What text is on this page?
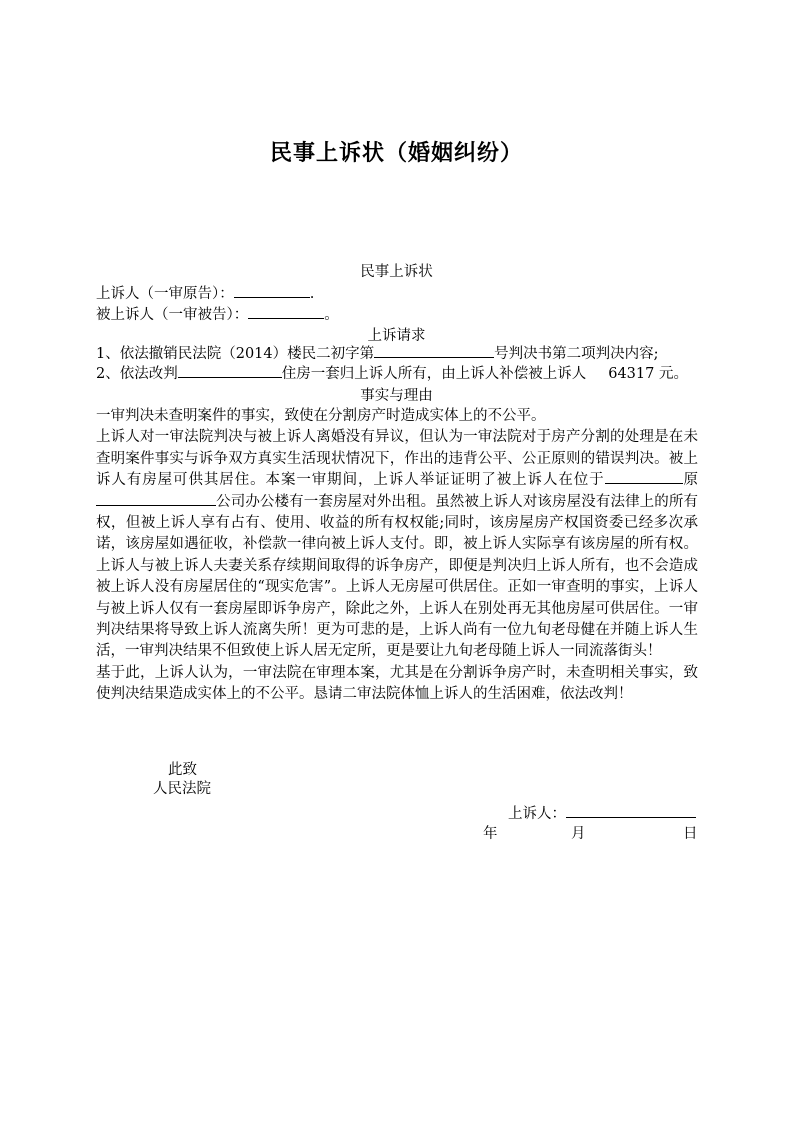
民事上诉状（婚姻纠纷）
民事上诉状
上诉人（一审原告）：	.
被上诉人（一审被告）：	。
上诉请求
1、依法撤销民法院（2014）楼民二初字第	号判决书第二项判决内容;
2、依法改判	住房一套归上诉人所有，由上诉人补偿被上诉人 64317 元。
事实与理由

一审判决未查明案件的事实，致使在分割房产时造成实体上的不公平。

上诉人对一审法院判决与被上诉人离婚没有异议，但认为一审法院对于房产分割的处理是在未查明案件事实与诉争双方真实生活现状情况下，作出的违背公平、公正原则的错误判决。被上诉人有房屋可供其居住。本案一审期间，上诉人举证证明了被上诉人在位于	原公司办公楼有一套房屋对外出租。虽然被上诉人对该房屋没有法律上的所有权，但被上诉人享有占有、使用、收益的所有权权能;同时，该房屋房产权国资委已经多次承诺，该房屋如遇征收，补偿款一律向被上诉人支付。即，被上诉人实际享有该房屋的所有权。上诉人与被上诉人夫妻关系存续期间取得的诉争房产，即便是判决归上诉人所有，也不会造成被上诉人没有房屋居住的“现实危害”。上诉人无房屋可供居住。正如一审查明的事实，上诉人与被上诉人仅有一套房屋即诉争房产，除此之外，上诉人在别处再无其他房屋可供居住。一审判决结果将导致上诉人流离失所！更为可悲的是，上诉人尚有一位九旬老母健在并随上诉人生活，一审判决结果不但致使上诉人居无定所，更是要让九旬老母随上诉人一同流落街头！

基于此，上诉人认为，一审法院在审理本案，尤其是在分割诉争房产时，未查明相关事实，致使判决结果造成实体上的不公平。恳请二审法院体恤上诉人的生活困难，依法改判！

此致
人民法院
上诉人：
年	月	日
